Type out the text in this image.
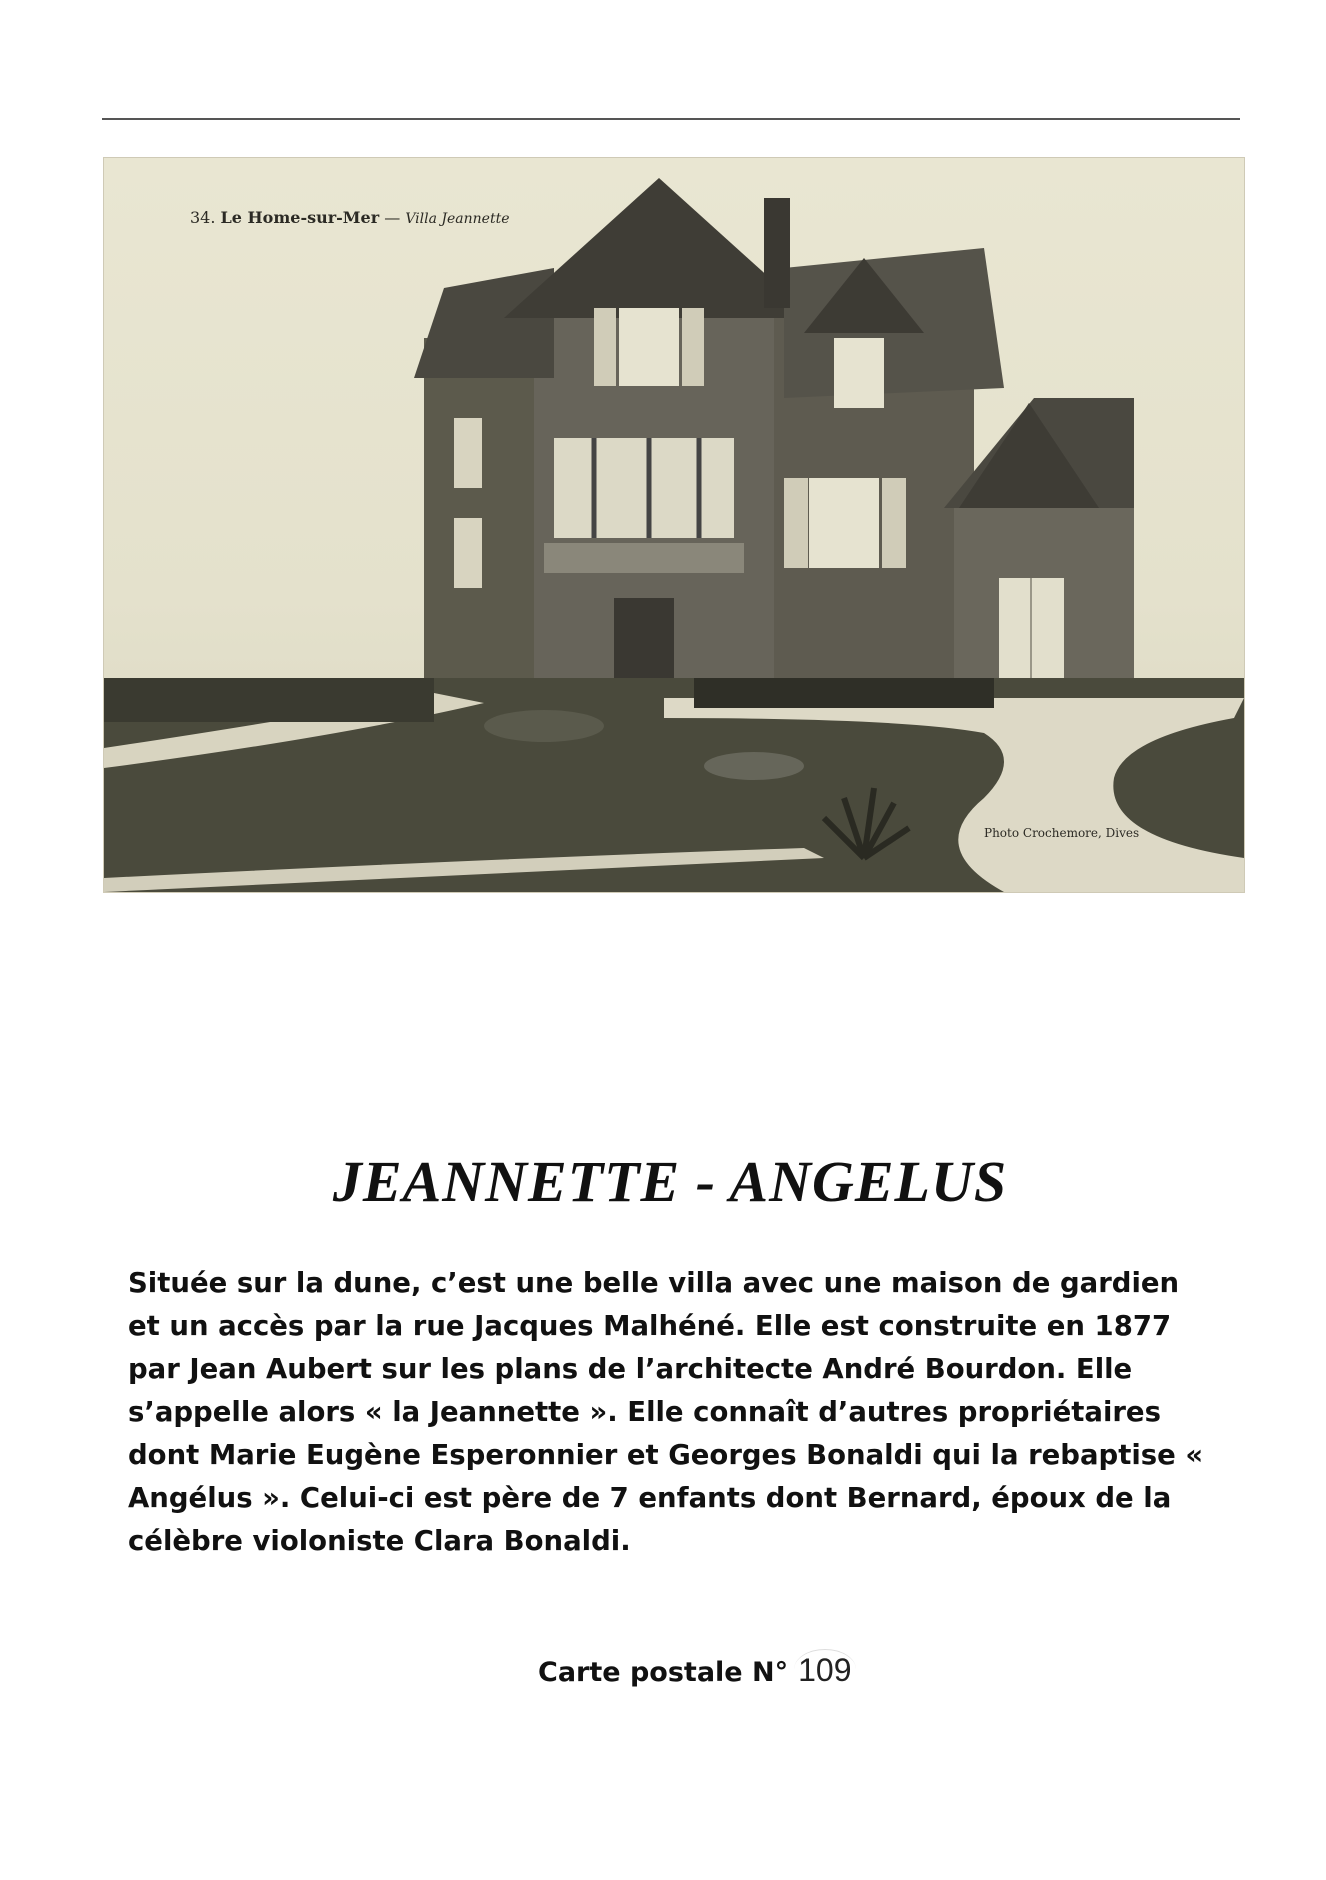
34. Le Home-sur-Mer — Villa Jeannette
Photo Crochemore, Dives
JEANNETTE - ANGELUS
Située sur la dune, c’est une belle villa avec une maison de gardien et un accès par la rue Jacques Malhéné. Elle est construite en 1877 par Jean Aubert sur les plans de l’architecte André Bourdon. Elle s’appelle alors « la Jeannette ». Elle connaît d’autres propriétaires dont Marie Eugène Esperonnier et Georges Bonaldi qui la rebaptise « Angélus ». Celui-ci est père de 7 enfants dont Bernard, époux de la célèbre violoniste Clara Bonaldi.
Carte postale N° 109
